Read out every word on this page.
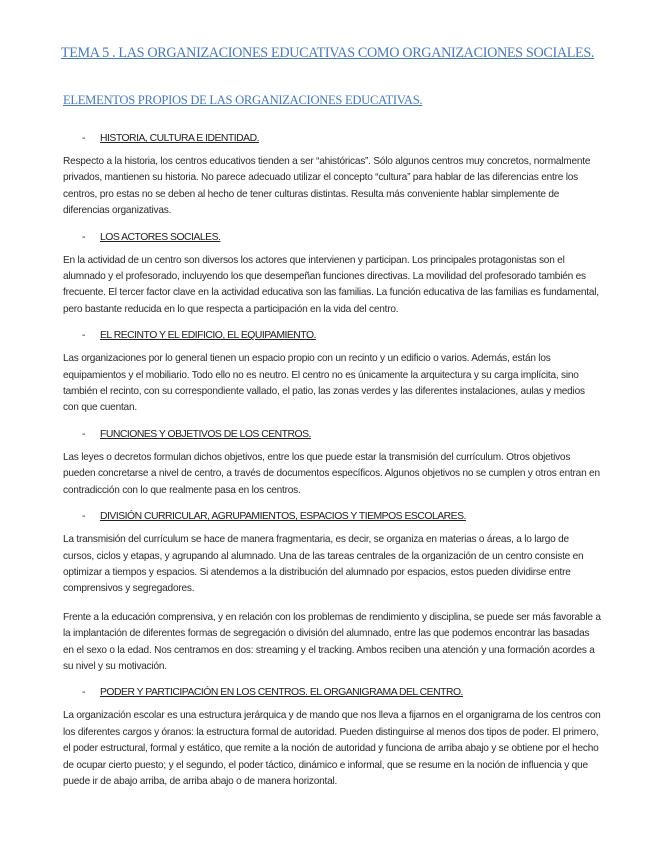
TEMA 5 . LAS ORGANIZACIONES EDUCATIVAS COMO ORGANIZACIONES SOCIALES.
ELEMENTOS PROPIOS DE LAS ORGANIZACIONES EDUCATIVAS.
-	HISTORIA, CULTURA E IDENTIDAD.

Respecto a la historia, los centros educativos tienden a ser “ahistóricas”. Sólo algunos centros muy concretos, normalmente privados, mantienen su historia. No parece adecuado utilizar el concepto “cultura” para hablar de las diferencias entre los centros, pro estas no se deben al hecho de tener culturas distintas. Resulta más conveniente hablar simplemente de diferencias organizativas.

-	LOS ACTORES SOCIALES.

En la actividad de un centro son diversos los actores que intervienen y participan. Los principales protagonistas son el alumnado y el profesorado, incluyendo los que desempeñan funciones directivas. La movilidad del profesorado también es frecuente. El tercer factor clave en la actividad educativa son las familias. La función educativa de las familias es fundamental, pero bastante reducida en lo que respecta a participación en la vida del centro.

-	EL RECINTO Y EL EDIFICIO, EL EQUIPAMIENTO.

Las organizaciones por lo general tienen un espacio propio con un recinto y un edificio o varios. Además, están los equipamientos y el mobiliario. Todo ello no es neutro. El centro no es únicamente la arquitectura y su carga implícita, sino también el recinto, con su correspondiente vallado, el patio, las zonas verdes y las diferentes instalaciones, aulas y medios con que cuentan.

-	FUNCIONES Y OBJETIVOS DE LOS CENTROS.

Las leyes o decretos formulan dichos objetivos, entre los que puede estar la transmisión del currículum. Otros objetivos pueden concretarse a nivel de centro, a través de documentos específicos. Algunos objetivos no se cumplen y otros entran en contradicción con lo que realmente pasa en los centros.

-	DIVISIÓN CURRICULAR, AGRUPAMIENTOS, ESPACIOS Y TIEMPOS ESCOLARES.

La transmisión del currículum se hace de manera fragmentaria, es decir, se organiza en materias o áreas, a lo largo de cursos, ciclos y etapas, y agrupando al alumnado. Una de las tareas centrales de la organización de un centro consiste en optimizar a tiempos y espacios. Si atendemos a la distribución del alumnado por espacios, estos pueden dividirse entre comprensivos y segregadores.

Frente a la educación comprensiva, y en relación con los problemas de rendimiento y disciplina, se puede ser más favorable a la implantación de diferentes formas de segregación o división del alumnado, entre las que podemos encontrar las basadas en el sexo o la edad. Nos centramos en dos: streaming y el tracking. Ambos reciben una atención y una formación acordes a su nivel y su motivación.

-	PODER Y PARTICIPACIÓN EN LOS CENTROS. EL ORGANIGRAMA DEL CENTRO.

La organización escolar es una estructura jerárquica y de mando que nos lleva a fijarnos en el organigrama de los centros con los diferentes cargos y óranos: la estructura formal de autoridad. Pueden distinguirse al menos dos tipos de poder. El primero, el poder estructural, formal y estático, que remite a la noción de autoridad y funciona de arriba abajo y se obtiene por el hecho de ocupar cierto puesto; y el segundo, el poder táctico, dinámico e informal, que se resume en la noción de influencia y que puede ir de abajo arriba, de arriba abajo o de manera horizontal.
